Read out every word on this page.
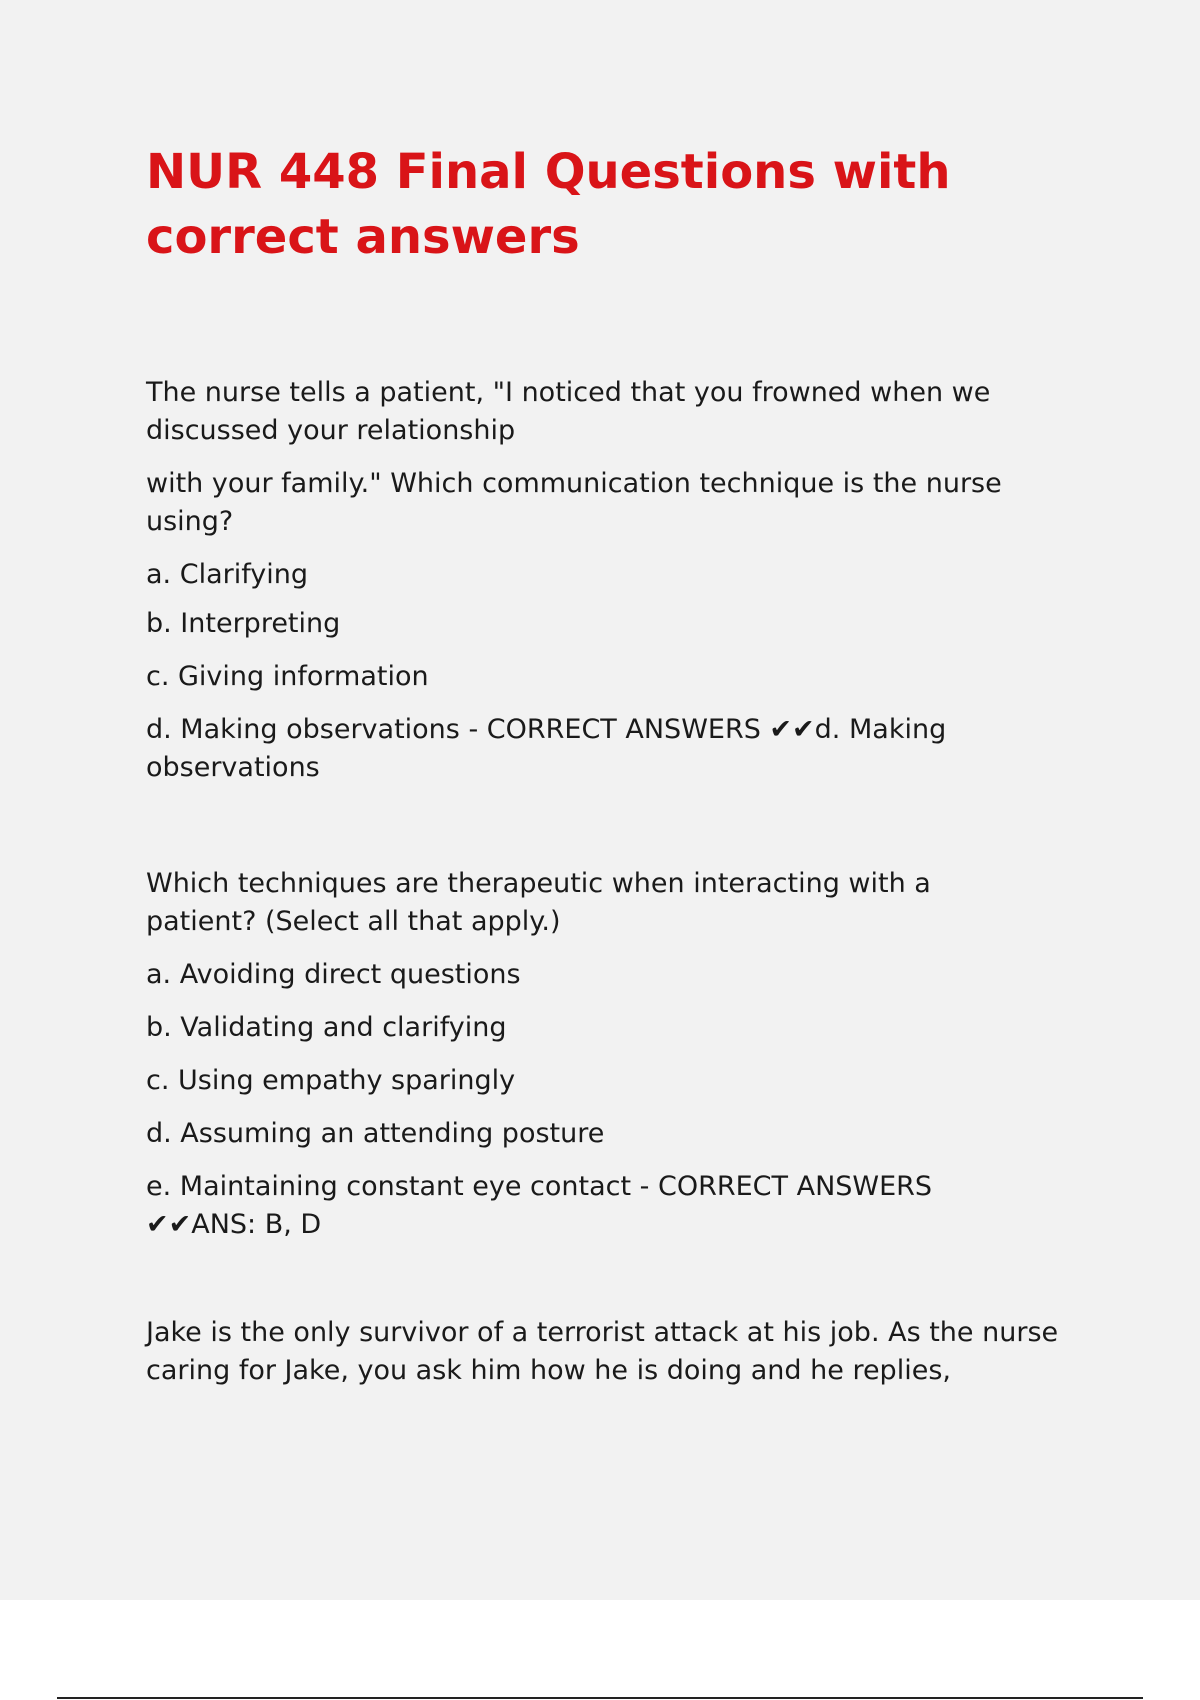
NUR 448 Final Questions with correct answers

The nurse tells a patient, "I noticed that you frowned when we discussed your relationship

with your family." Which communication technique is the nurse using?

a. Clarifying

b. Interpreting

c. Giving information

d. Making observations - CORRECT ANSWERS ✔✔d. Making observations

Which techniques are therapeutic when interacting with a patient? (Select all that apply.)

a. Avoiding direct questions

b. Validating and clarifying

c. Using empathy sparingly

d. Assuming an attending posture

e. Maintaining constant eye contact - CORRECT ANSWERS ✔✔ANS: B, D

Jake is the only survivor of a terrorist attack at his job. As the nurse caring for Jake, you ask him how he is doing and he replies,
